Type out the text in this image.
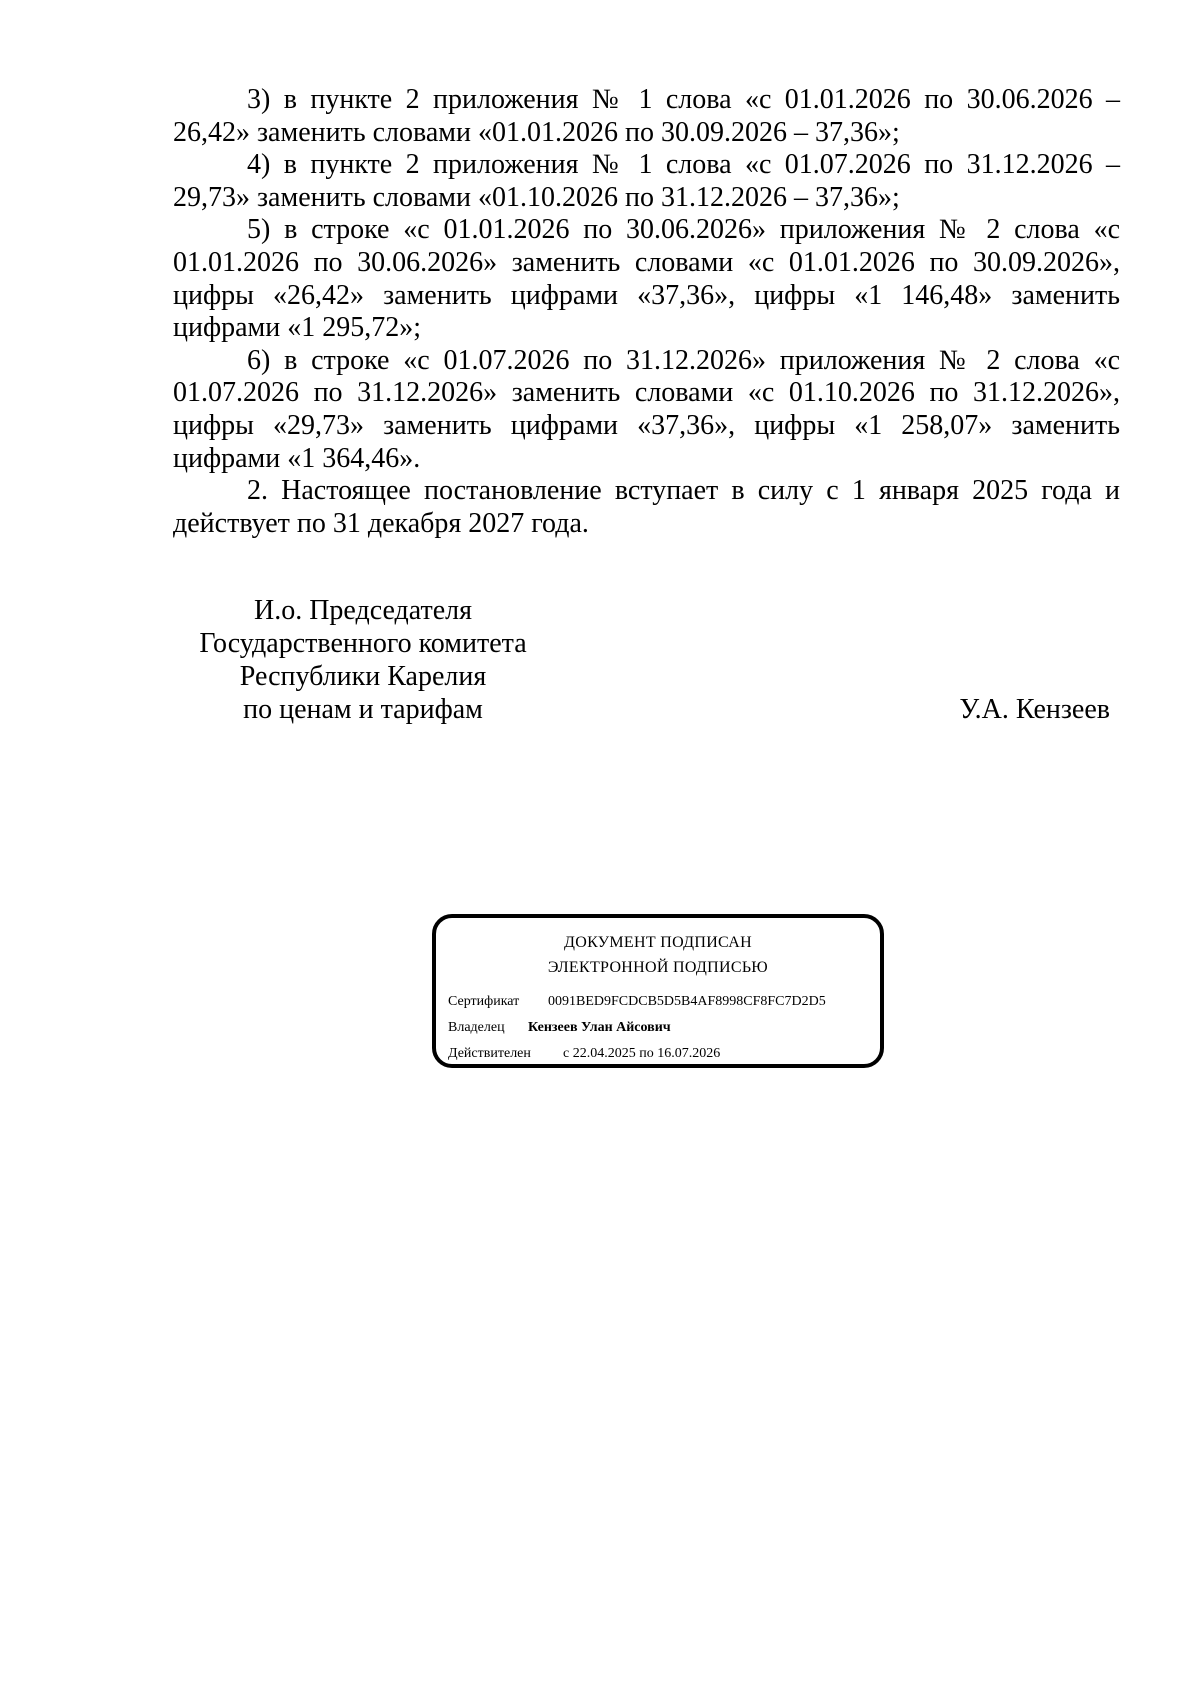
3) в пункте 2 приложения № 1 слова «с 01.01.2026 по 30.06.2026 – 26,42» заменить словами «01.01.2026 по 30.09.2026 – 37,36»;

4) в пункте 2 приложения № 1 слова «с 01.07.2026 по 31.12.2026 – 29,73» заменить словами «01.10.2026 по 31.12.2026 – 37,36»;

5) в строке «с 01.01.2026 по 30.06.2026» приложения № 2 слова «с 01.01.2026 по 30.06.2026» заменить словами «с 01.01.2026 по 30.09.2026», цифры «26,42» заменить цифрами «37,36», цифры «1 146,48» заменить цифрами «1 295,72»;

6) в строке «с 01.07.2026 по 31.12.2026» приложения № 2 слова «с 01.07.2026 по 31.12.2026» заменить словами «с 01.10.2026 по 31.12.2026», цифры «29,73» заменить цифрами «37,36», цифры «1 258,07» заменить цифрами «1 364,46».

2. Настоящее постановление вступает в силу с 1 января 2025 года и действует по 31 декабря 2027 года.

И.о. Председателя
Государственного комитета
Республики Карелия
по ценам и тарифам	У.А. Кензеев
ДОКУМЕНТ ПОДПИСАН
ЭЛЕКТРОННОЙ ПОДПИСЬЮ
Сертификат 0091BED9FCDCB5D5B4AF8998CF8FC7D2D5
Владелец Кензеев Улан Айсович
Действителен с 22.04.2025 по 16.07.2026
